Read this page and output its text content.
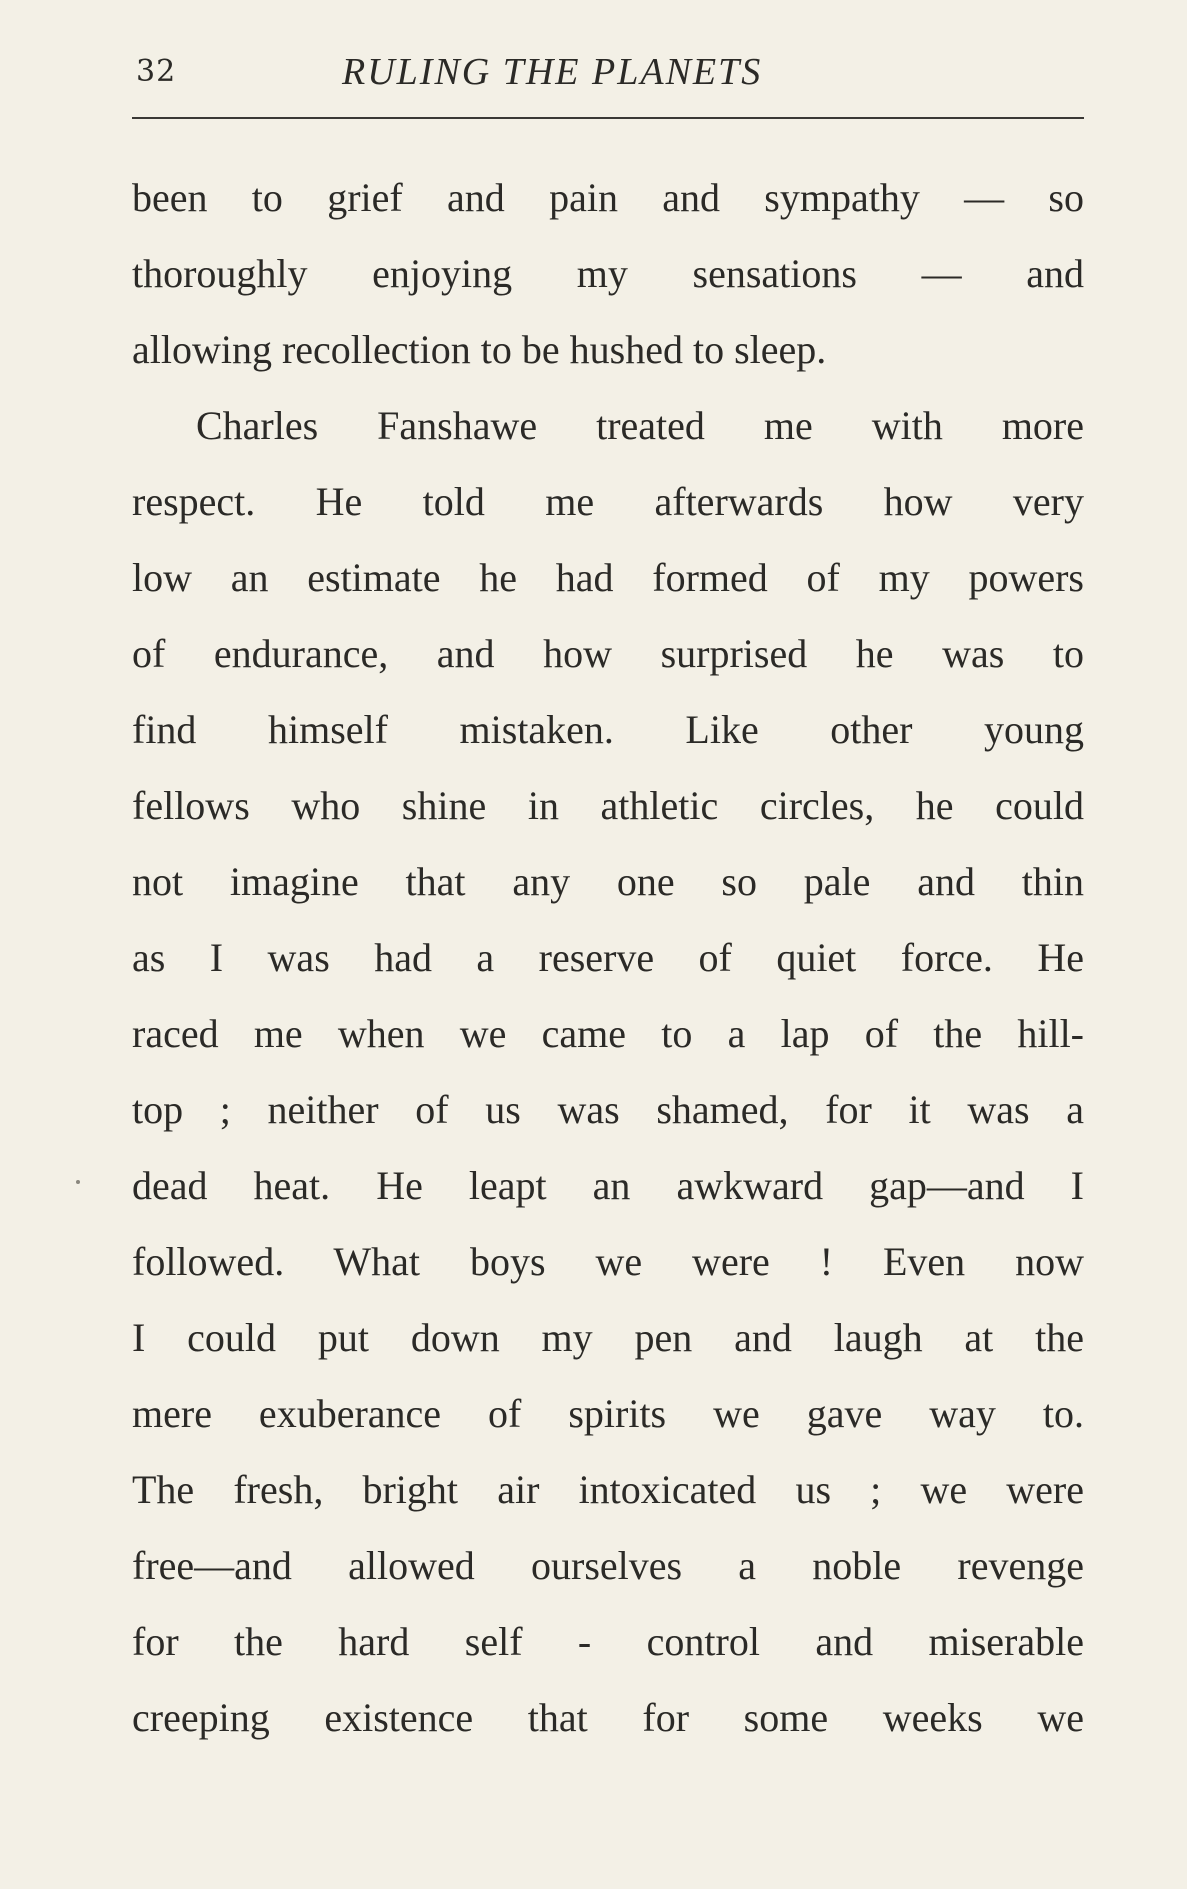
32	RULING THE PLANETS
been to grief and pain and sympathy — so
thoroughly enjoying my sensations — and
allowing recollection to be hushed to sleep.
Charles Fanshawe treated me with more
respect. He told me afterwards how very
low an estimate he had formed of my powers
of endurance, and how surprised he was to
find himself mistaken. Like other young
fellows who shine in athletic circles, he could
not imagine that any one so pale and thin
as I was had a reserve of quiet force. He
raced me when we came to a lap of the hill-
top ; neither of us was shamed, for it was a
dead heat. He leapt an awkward gap—and I
followed. What boys we were ! Even now
I could put down my pen and laugh at the
mere exuberance of spirits we gave way to.
The fresh, bright air intoxicated us ; we were
free—and allowed ourselves a noble revenge
for the hard self - control and miserable
creeping existence that for some weeks we
